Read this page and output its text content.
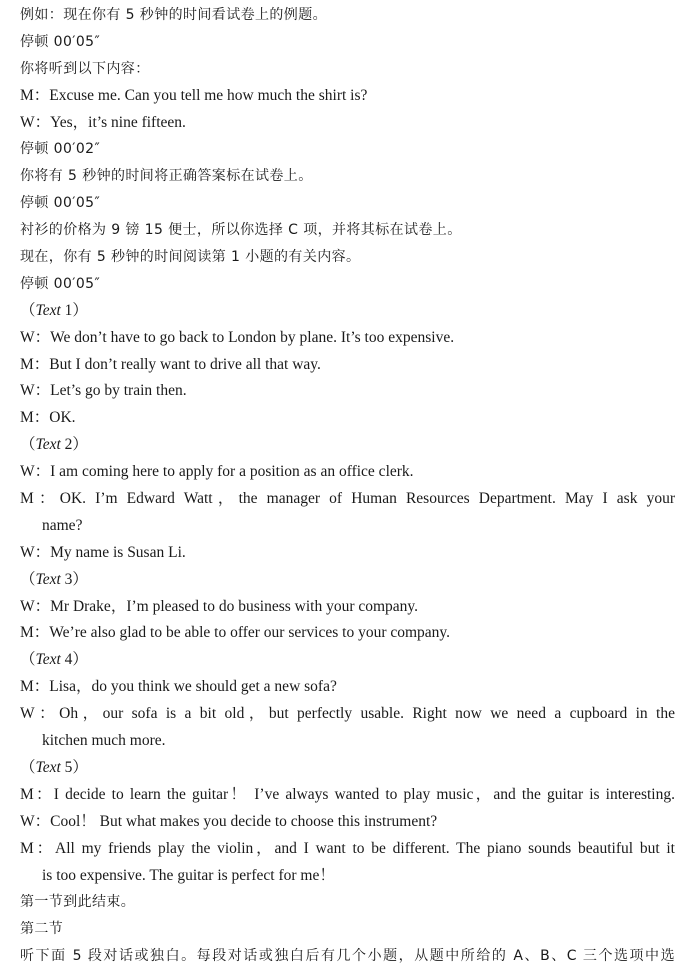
例如：现在你有 5 秒钟的时间看试卷上的例题。
停顿 00′05″
你将听到以下内容：
M：Excuse me. Can you tell me how much the shirt is?
W：Yes，it’s nine fifteen.
停顿 00′02″
你将有 5 秒钟的时间将正确答案标在试卷上。
停顿 00′05″
衬衫的价格为 9 镑 15 便士，所以你选择 C 项，并将其标在试卷上。
现在，你有 5 秒钟的时间阅读第 1 小题的有关内容。
停顿 00′05″
（Text 1）
W：We don’t have to go back to London by plane. It’s too expensive.
M：But I don’t really want to drive all that way.
W：Let’s go by train then.
M：OK.
（Text 2）
W：I am coming here to apply for a position as an office clerk.
M：OK. I’m Edward Watt，the manager of Human Resources Department. May I ask your
name?
W：My name is Susan Li.
（Text 3）
W：Mr Drake，I’m pleased to do business with your company.
M：We’re also glad to be able to offer our services to your company.
（Text 4）
M：Lisa，do you think we should get a new sofa?
W：Oh，our sofa is a bit old，but perfectly usable. Right now we need a cupboard in the
kitchen much more.
（Text 5）
M：I decide to learn the guitar！ I’ve always wanted to play music，and the guitar is interesting.
W：Cool！ But what makes you decide to choose this instrument?
M：All my friends play the violin，and I want to be different. The piano sounds beautiful but it
is too expensive. The guitar is perfect for me！
第一节到此结束。
第二节
听下面 5 段对话或独白。每段对话或独白后有几个小题，从题中所给的 A、B、C 三个选项中选
